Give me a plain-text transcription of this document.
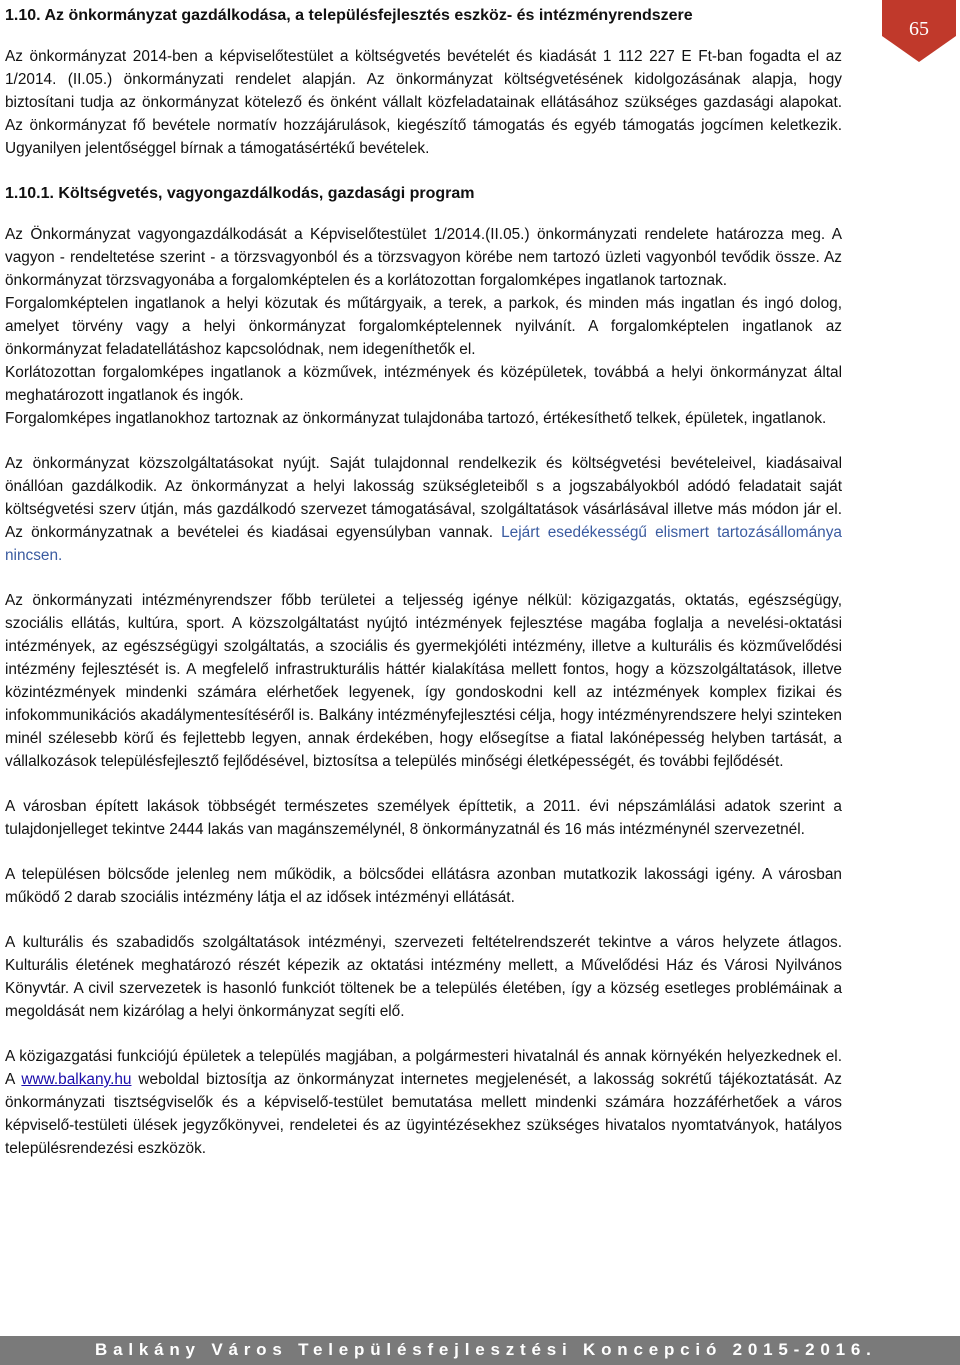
65

1.10. Az önkormányzat gazdálkodása, a településfejlesztés eszköz- és intézményrendszere

Az önkormányzat 2014-ben a képviselőtestület a költségvetés bevételét és kiadását 1 112 227 E Ft-ban fogadta el az 1/2014. (II.05.) önkormányzati rendelet alapján. Az önkormányzat költségvetésének kidolgozásának alapja, hogy biztosítani tudja az önkormányzat kötelező és önként vállalt közfeladatainak ellátásához szükséges gazdasági alapokat. Az önkormányzat fő bevétele normatív hozzájárulások, kiegészítő támogatás és egyéb támogatás jogcímen keletkezik. Ugyanilyen jelentőséggel bírnak a támogatásértékű bevételek.

1.10.1. Költségvetés, vagyongazdálkodás, gazdasági program

Az Önkormányzat vagyongazdálkodását a Képviselőtestület 1/2014.(II.05.) önkormányzati rendelete határozza meg. A vagyon - rendeltetése szerint - a törzsvagyonból és a törzsvagyon körébe nem tartozó üzleti vagyonból tevődik össze. Az önkormányzat törzsvagyonába a forgalomképtelen és a korlátozottan forgalomképes ingatlanok tartoznak.

Forgalomképtelen ingatlanok a helyi közutak és műtárgyaik, a terek, a parkok, és minden más ingatlan és ingó dolog, amelyet törvény vagy a helyi önkormányzat forgalomképtelennek nyilvánít. A forgalomképtelen ingatlanok az önkormányzat feladatellátáshoz kapcsolódnak, nem idegeníthetők el.

Korlátozottan forgalomképes ingatlanok a közművek, intézmények és középületek, továbbá a helyi önkormányzat által meghatározott ingatlanok és ingók.

Forgalomképes ingatlanokhoz tartoznak az önkormányzat tulajdonába tartozó, értékesíthető telkek, épületek, ingatlanok.

Az önkormányzat közszolgáltatásokat nyújt. Saját tulajdonnal rendelkezik és költségvetési bevételeivel, kiadásaival önállóan gazdálkodik. Az önkormányzat a helyi lakosság szükségleteiből s a jogszabályokból adódó feladatait saját költségvetési szerv útján, más gazdálkodó szervezet támogatásával, szolgáltatások vásárlásával illetve más módon jár el. Az önkormányzatnak a bevételei és kiadásai egyensúlyban vannak. Lejárt esedékességű elismert tartozásállománya nincsen.

Az önkormányzati intézményrendszer főbb területei a teljesség igénye nélkül: közigazgatás, oktatás, egészségügy, szociális ellátás, kultúra, sport. A közszolgáltatást nyújtó intézmények fejlesztése magába foglalja a nevelési-oktatási intézmények, az egészségügyi szolgáltatás, a szociális és gyermekjóléti intézmény, illetve a kulturális és közművelődési intézmény fejlesztését is. A megfelelő infrastrukturális háttér kialakítása mellett fontos, hogy a közszolgáltatások, illetve közintézmények mindenki számára elérhetőek legyenek, így gondoskodni kell az intézmények komplex fizikai és infokommunikációs akadálymentesítéséről is. Balkány intézményfejlesztési célja, hogy intézményrendszere helyi szinteken minél szélesebb körű és fejlettebb legyen, annak érdekében, hogy elősegítse a fiatal lakónépesség helyben tartását, a vállalkozások településfejlesztő fejlődésével, biztosítsa a település minőségi életképességét, és további fejlődését.

A városban épített lakások többségét természetes személyek építtetik, a 2011. évi népszámlálási adatok szerint a tulajdonjelleget tekintve 2444 lakás van magánszemélynél, 8 önkormányzatnál és 16 más intézménynél szervezetnél.

A településen bölcsőde jelenleg nem működik, a bölcsődei ellátásra azonban mutatkozik lakossági igény. A városban működő 2 darab szociális intézmény látja el az idősek intézményi ellátását.

A kulturális és szabadidős szolgáltatások intézményi, szervezeti feltételrendszerét tekintve a város helyzete átlagos. Kulturális életének meghatározó részét képezik az oktatási intézmény mellett, a Művelődési Ház és Városi Nyilvános Könyvtár. A civil szervezetek is hasonló funkciót töltenek be a település életében, így a község esetleges problémáinak a megoldását nem kizárólag a helyi önkormányzat segíti elő.

A közigazgatási funkciójú épületek a település magjában, a polgármesteri hivatalnál és annak környékén helyezkednek el. A www.balkany.hu weboldal biztosítja az önkormányzat internetes megjelenését, a lakosság sokrétű tájékoztatását. Az önkormányzati tisztségviselők és a képviselő-testület bemutatása mellett mindenki számára hozzáférhetőek a város képviselő-testületi ülések jegyzőkönyvei, rendeletei és az ügyintézésekhez szükséges hivatalos nyomtatványok, hatályos településrendezési eszközök.

Balkány Város Településfejlesztési Koncepció 2015-2016.
